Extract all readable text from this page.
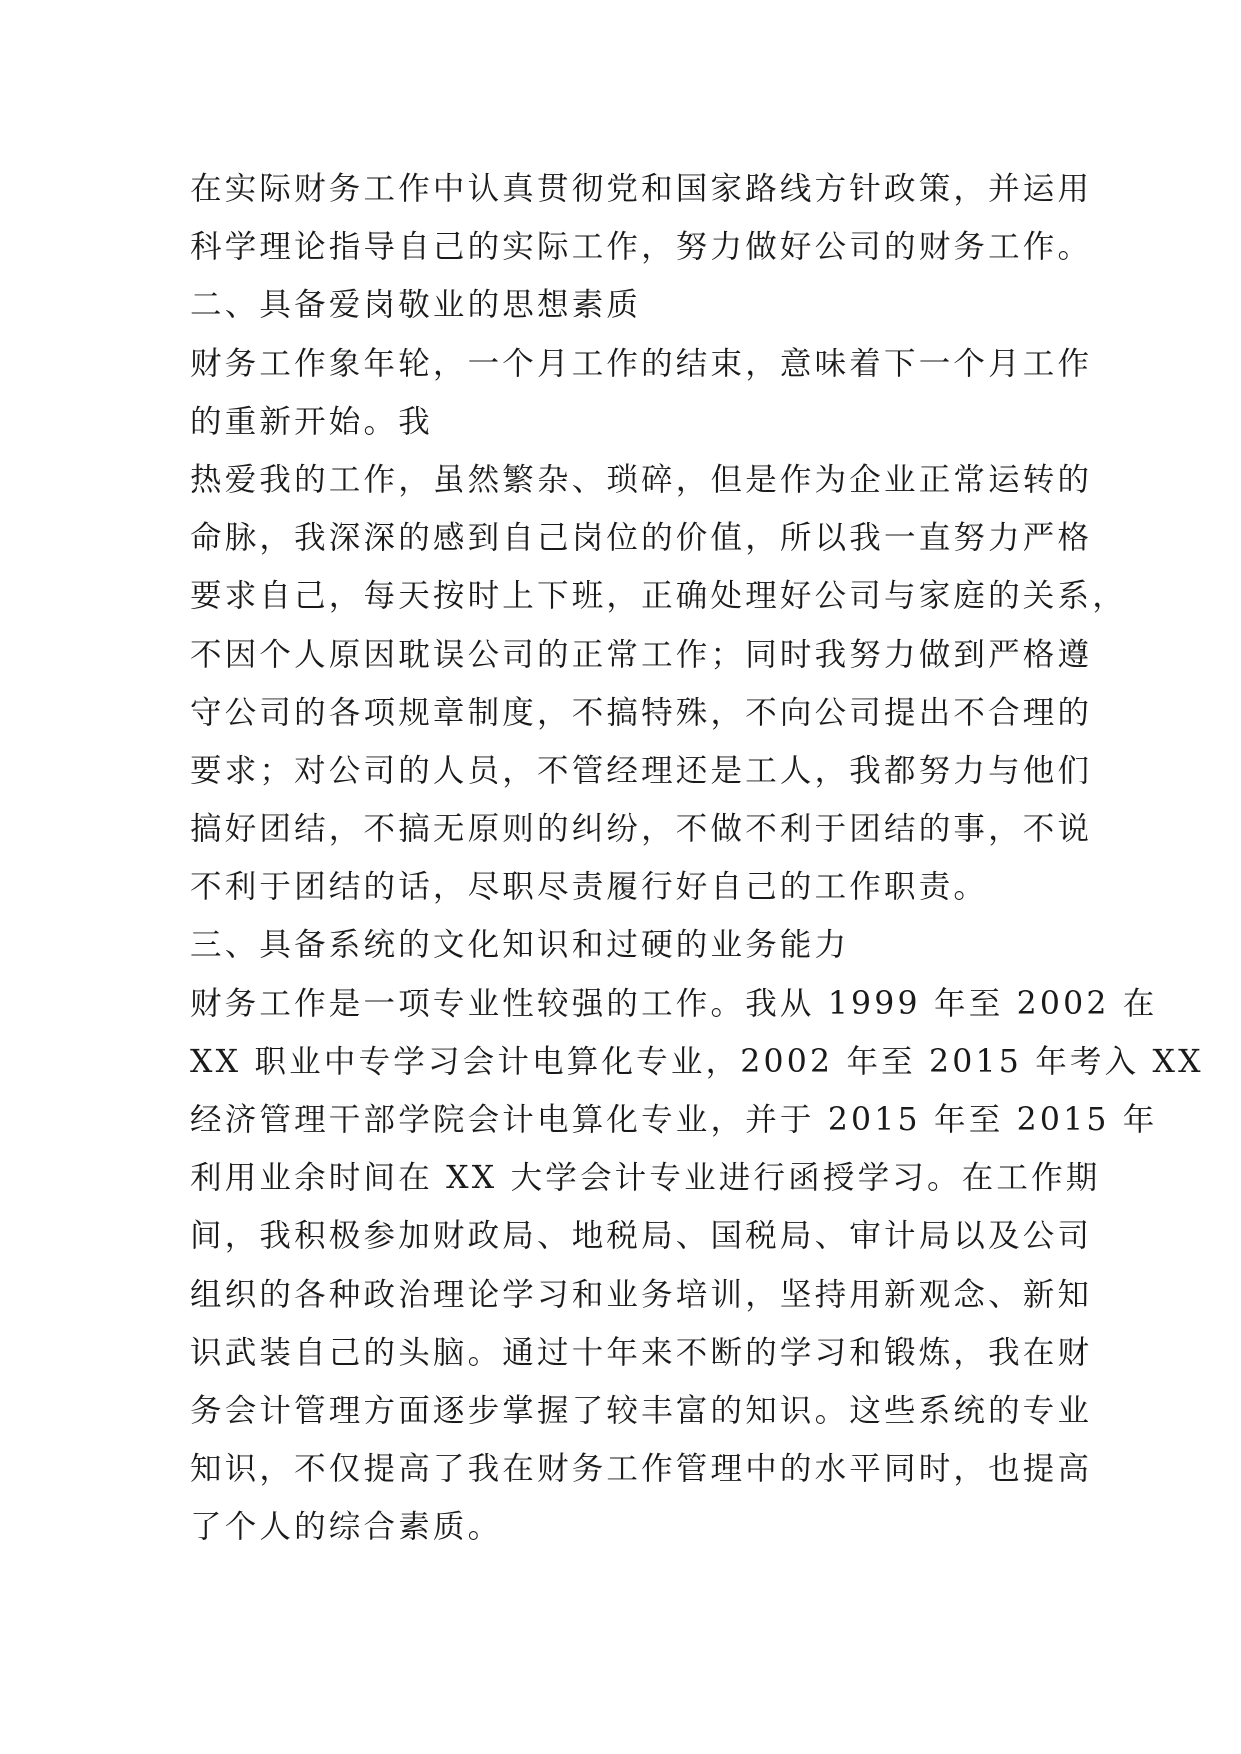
在实际财务工作中认真贯彻党和国家路线方针政策，并运用
科学理论指导自己的实际工作，努力做好公司的财务工作。
二、具备爱岗敬业的思想素质
财务工作象年轮，一个月工作的结束，意味着下一个月工作
的重新开始。我
热爱我的工作，虽然繁杂、琐碎，但是作为企业正常运转的
命脉，我深深的感到自己岗位的价值，所以我一直努力严格
要求自己，每天按时上下班，正确处理好公司与家庭的关系，
不因个人原因耽误公司的正常工作；同时我努力做到严格遵
守公司的各项规章制度，不搞特殊，不向公司提出不合理的
要求；对公司的人员，不管经理还是工人，我都努力与他们
搞好团结，不搞无原则的纠纷，不做不利于团结的事，不说
不利于团结的话，尽职尽责履行好自己的工作职责。
三、具备系统的文化知识和过硬的业务能力
财务工作是一项专业性较强的工作。我从 1999 年至 2002 在
XX 职业中专学习会计电算化专业，2002 年至 2015 年考入 XX
经济管理干部学院会计电算化专业，并于 2015 年至 2015 年
利用业余时间在 XX 大学会计专业进行函授学习。在工作期
间，我积极参加财政局、地税局、国税局、审计局以及公司
组织的各种政治理论学习和业务培训，坚持用新观念、新知
识武装自己的头脑。通过十年来不断的学习和锻炼，我在财
务会计管理方面逐步掌握了较丰富的知识。这些系统的专业
知识，不仅提高了我在财务工作管理中的水平同时，也提高
了个人的综合素质。
